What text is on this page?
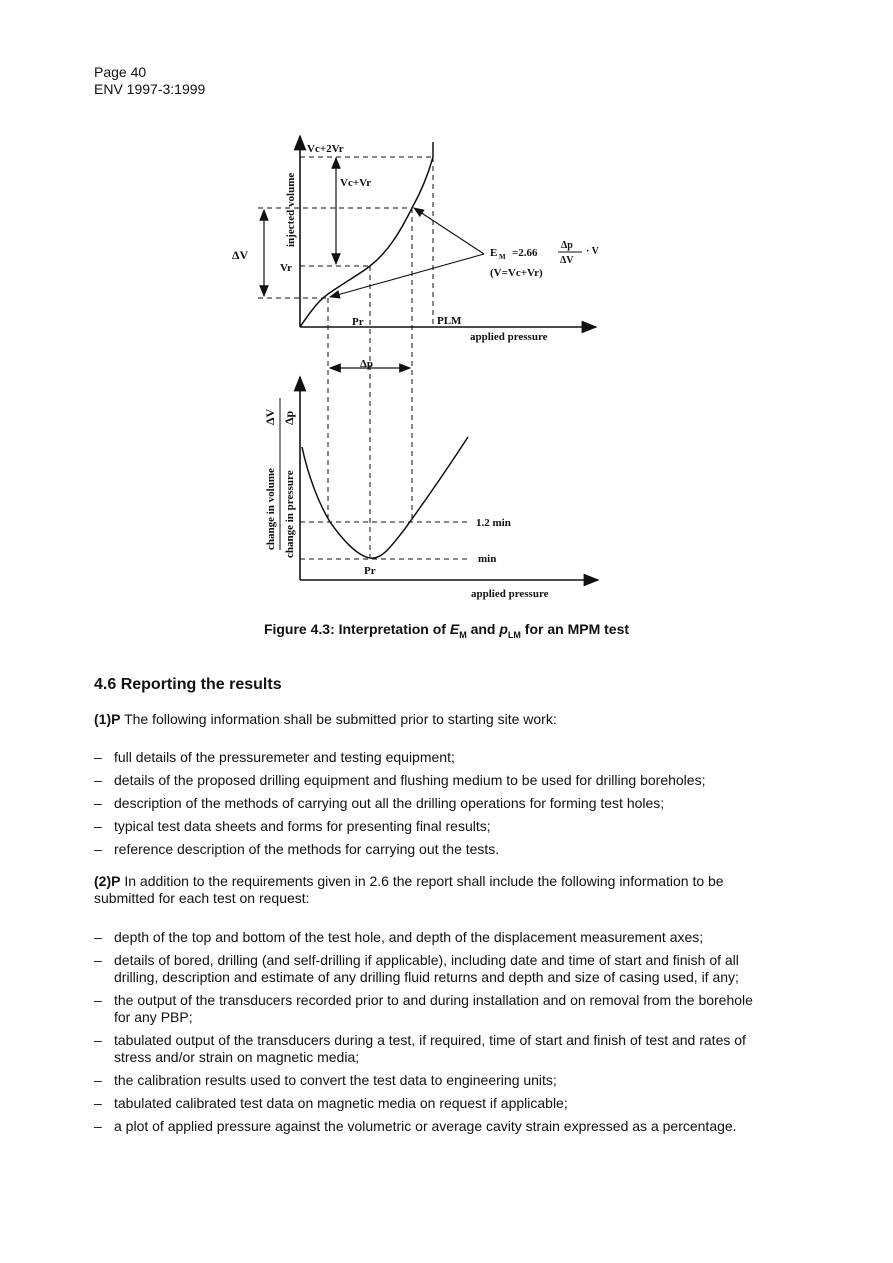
Page 40
ENV 1997-3:1999
injected volume
Vc+2Vr
Vc+Vr
Vr
ΔV
Pr	PLM
applied pressure
Δp
E M =2.66
Δp
ΔV
· V
(V=Vc+Vr)
change in volume
ΔV
change in pressure
Δp
1.2 min
min
Pr
applied pressure
Figure 4.3: Interpretation of $E_M$ and $p_{LM}$ for an MPM test
4.6 Reporting the results
(1)P The following information shall be submitted prior to starting site work:
– full details of the pressuremeter and testing equipment;
– details of the proposed drilling equipment and flushing medium to be used for drilling boreholes;
– description of the methods of carrying out all the drilling operations for forming test holes;
– typical test data sheets and forms for presenting final results;
– reference description of the methods for carrying out the tests.
(2)P In addition to the requirements given in 2.6 the report shall include the following information to be submitted for each test on request:
– depth of the top and bottom of the test hole, and depth of the displacement measurement axes;
– details of bored, drilling (and self-drilling if applicable), including date and time of start and finish of all drilling, description and estimate of any drilling fluid returns and depth and size of casing used, if any;
– the output of the transducers recorded prior to and during installation and on removal from the borehole for any PBP;
– tabulated output of the transducers during a test, if required, time of start and finish of test and rates of stress and/or strain on magnetic media;
– the calibration results used to convert the test data to engineering units;
– tabulated calibrated test data on magnetic media on request if applicable;
– a plot of applied pressure against the volumetric or average cavity strain expressed as a percentage.
